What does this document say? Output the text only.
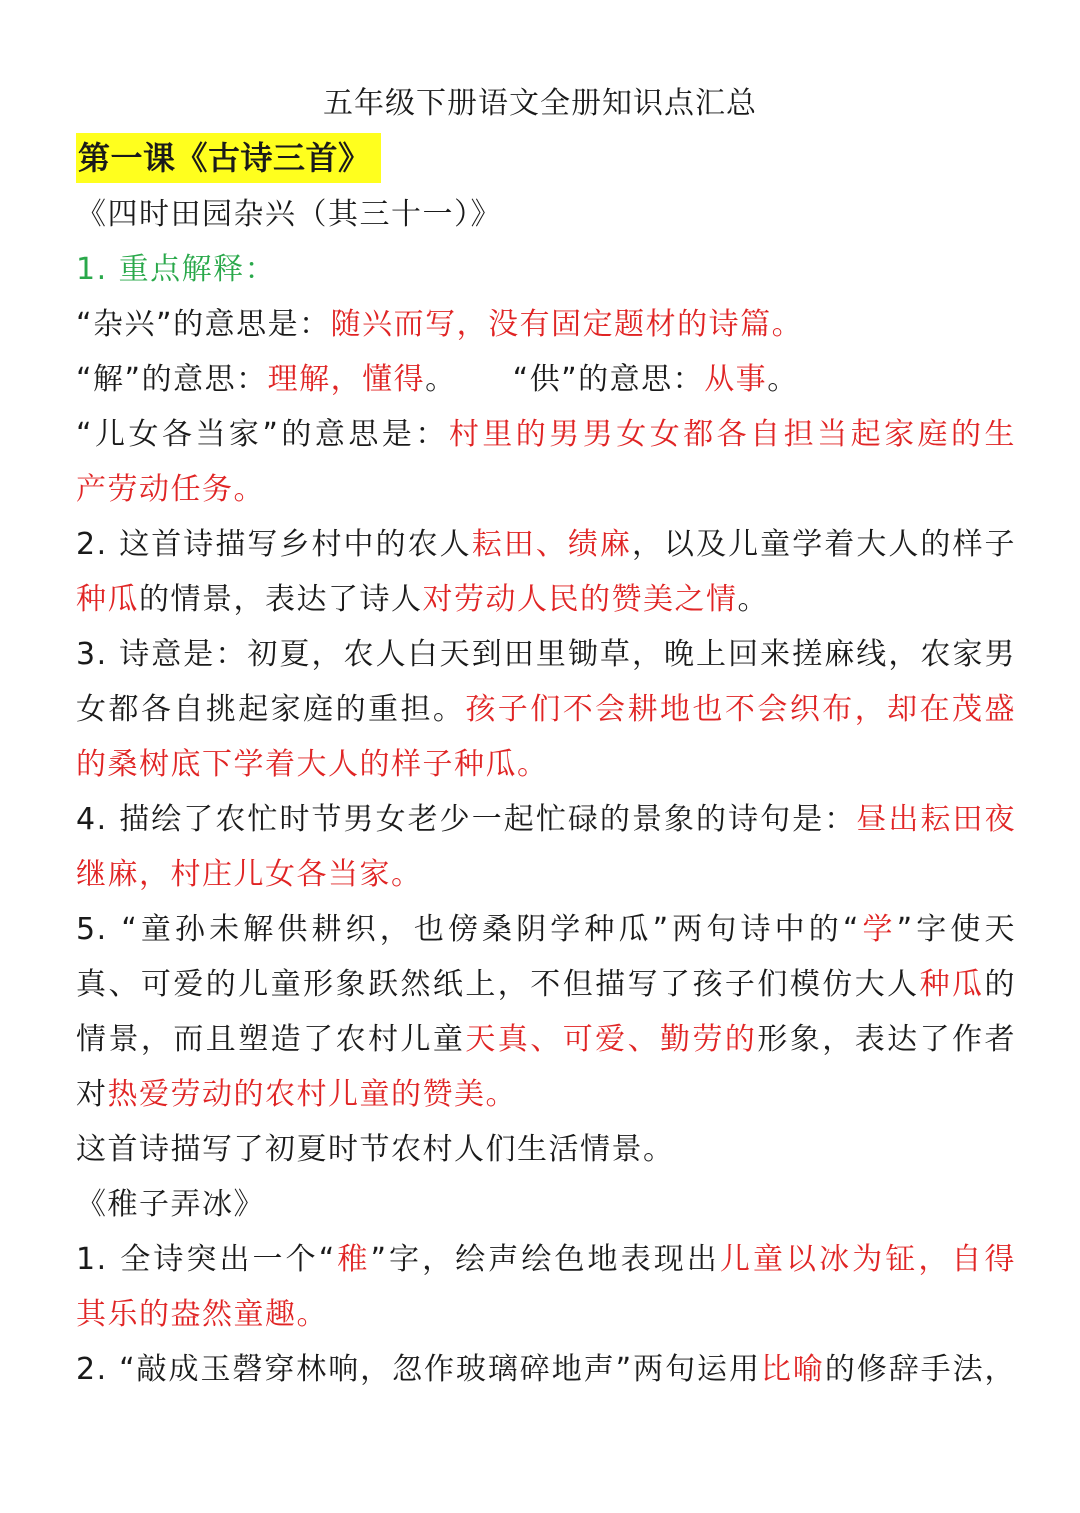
五年级下册语文全册知识点汇总
第一课《古诗三首》
《四时田园杂兴（其三十一）》
1. 重点解释：
“杂兴”的意思是：随兴而写，没有固定题材的诗篇。
“解”的意思：理解，懂得。 “供”的意思：从事。
“儿女各当家”的意思是：村里的男男女女都各自担当起家庭的生
产劳动任务。
2. 这首诗描写乡村中的农人耘田、绩麻，以及儿童学着大人的样子
种瓜的情景，表达了诗人对劳动人民的赞美之情。
3. 诗意是：初夏，农人白天到田里锄草，晚上回来搓麻线，农家男
女都各自挑起家庭的重担。孩子们不会耕地也不会织布，却在茂盛
的桑树底下学着大人的样子种瓜。
4. 描绘了农忙时节男女老少一起忙碌的景象的诗句是：昼出耘田夜
继麻，村庄儿女各当家。
5. “童孙未解供耕织，也傍桑阴学种瓜”两句诗中的“学”字使天
真、可爱的儿童形象跃然纸上，不但描写了孩子们模仿大人种瓜的
情景，而且塑造了农村儿童天真、可爱、勤劳的形象，表达了作者
对热爱劳动的农村儿童的赞美。
这首诗描写了初夏时节农村人们生活情景。
《稚子弄冰》
1. 全诗突出一个“稚”字，绘声绘色地表现出儿童以冰为钲，自得
其乐的盎然童趣。
2. “敲成玉磬穿林响，忽作玻璃碎地声”两句运用比喻的修辞手法，
